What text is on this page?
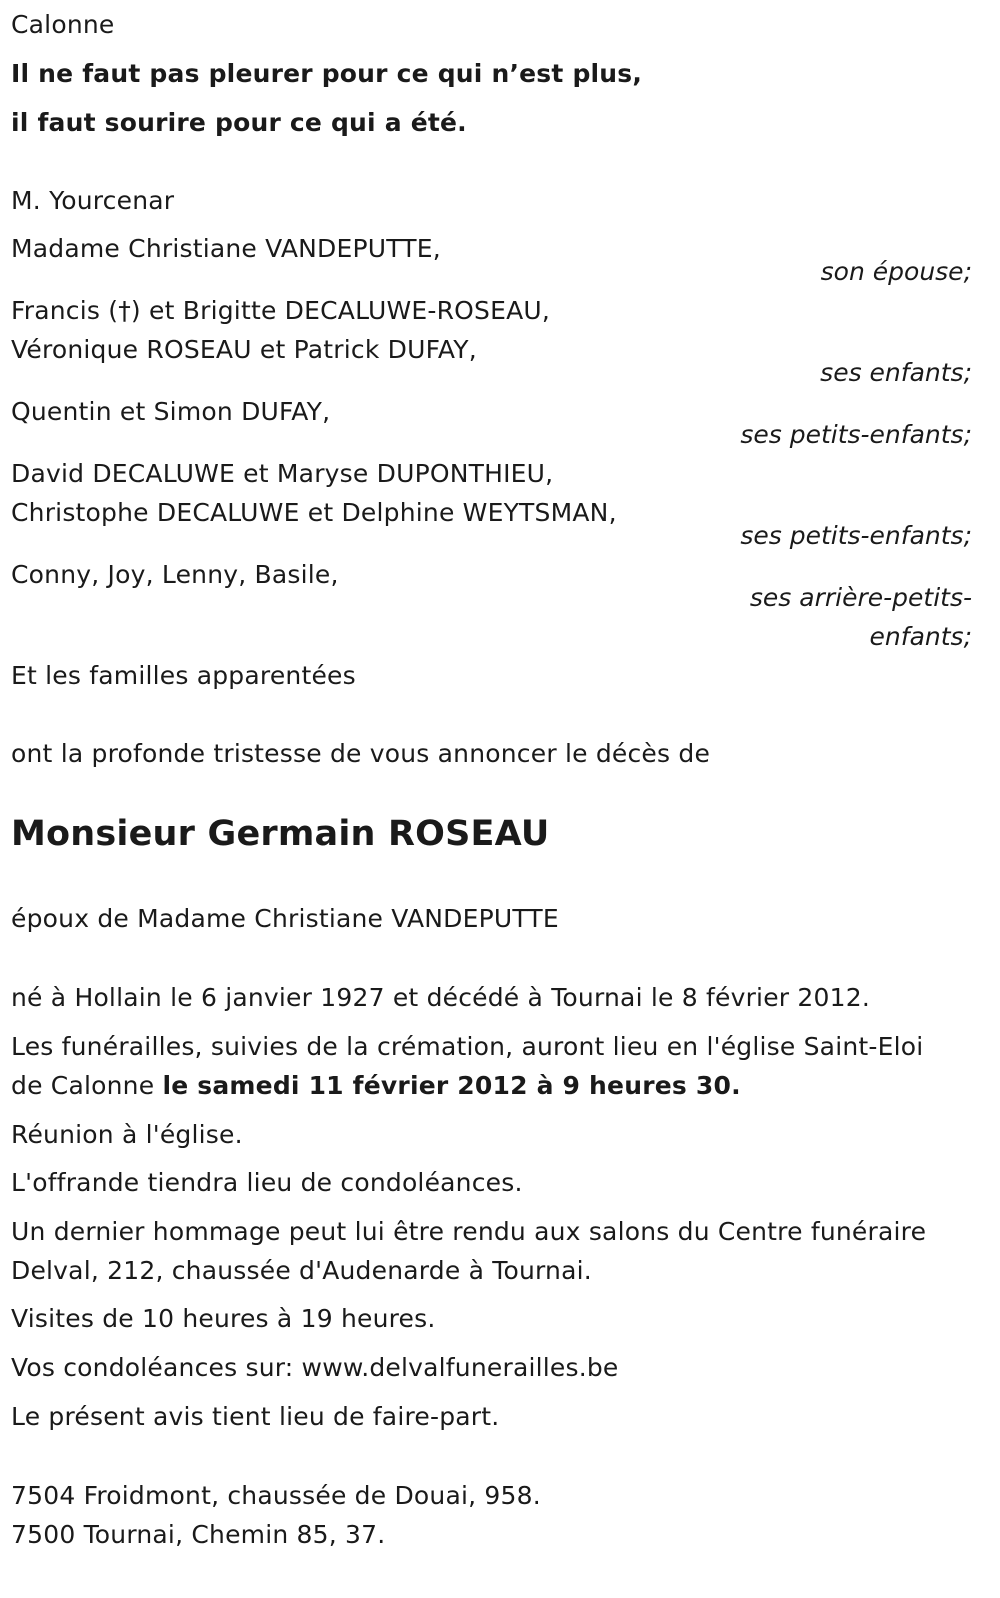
Calonne
Il ne faut pas pleurer pour ce qui n’est plus,
il faut sourire pour ce qui a été.
M. Yourcenar
Madame Christiane VANDEPUTTE,
son épouse;
Francis (†) et Brigitte DECALUWE-ROSEAU,
Véronique ROSEAU et Patrick DUFAY,
ses enfants;
Quentin et Simon DUFAY,
ses petits-enfants;
David DECALUWE et Maryse DUPONTHIEU,
Christophe DECALUWE et Delphine WEYTSMAN,
ses petits-enfants;
Conny, Joy, Lenny, Basile,
ses arrière-petits-
enfants;
Et les familles apparentées
ont la profonde tristesse de vous annoncer le décès de
Monsieur Germain ROSEAU
époux de Madame Christiane VANDEPUTTE
né à Hollain le 6 janvier 1927 et décédé à Tournai le 8 février 2012.
Les funérailles, suivies de la crémation, auront lieu en l'église Saint-Eloi
de Calonne le samedi 11 février 2012 à 9 heures 30.
Réunion à l'église.
L'offrande tiendra lieu de condoléances.
Un dernier hommage peut lui être rendu aux salons du Centre funéraire
Delval, 212, chaussée d'Audenarde à Tournai.
Visites de 10 heures à 19 heures.
Vos condoléances sur: www.delvalfunerailles.be
Le présent avis tient lieu de faire-part.
7504 Froidmont, chaussée de Douai, 958.
7500 Tournai, Chemin 85, 37.
